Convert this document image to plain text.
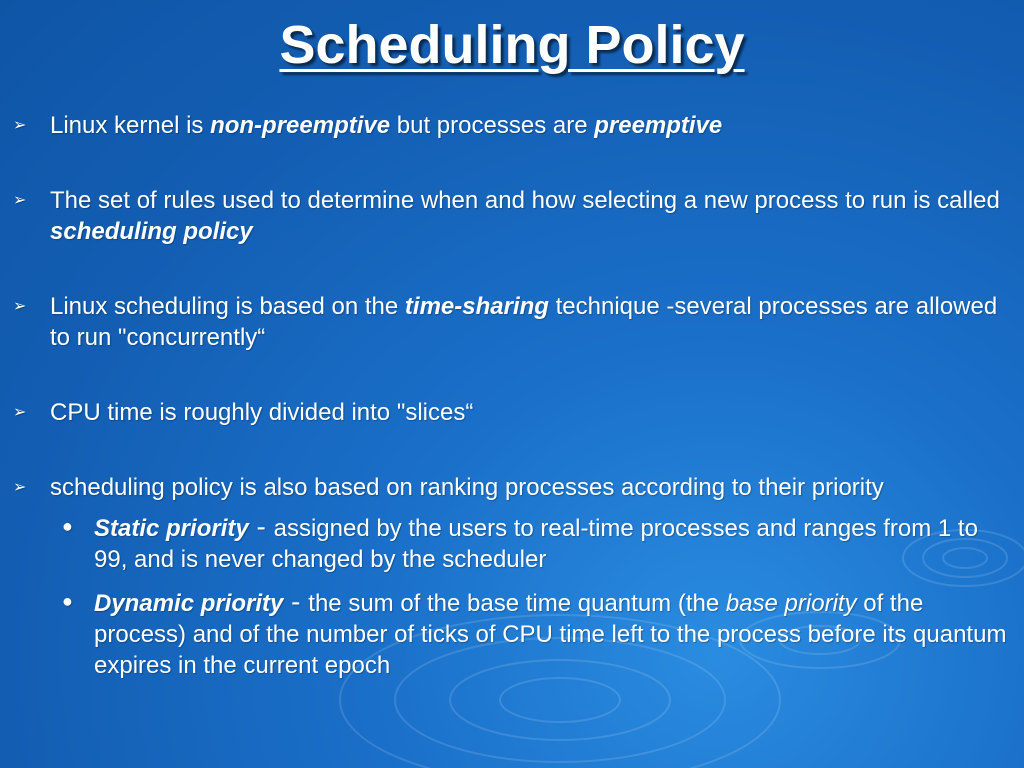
Scheduling Policy
➢ Linux kernel is non-preemptive but processes are preemptive
➢ The set of rules used to determine when and how selecting a new process to run is called scheduling policy
➢ Linux scheduling is based on the time-sharing technique -several processes are allowed to run "concurrently“
➢ CPU time is roughly divided into "slices“
➢ scheduling policy is also based on ranking processes according to their priority
● Static priority - assigned by the users to real-time processes and ranges from 1 to 99, and is never changed by the scheduler
● Dynamic priority - the sum of the base time quantum (the base priority of the process) and of the number of ticks of CPU time left to the process before its quantum expires in the current epoch
